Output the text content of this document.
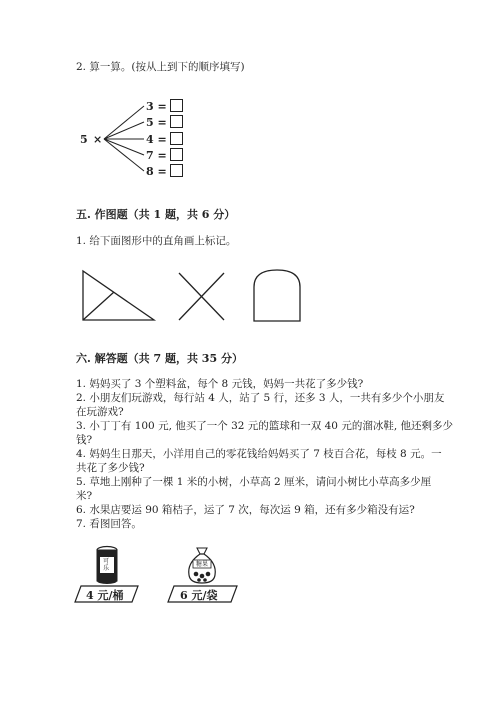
2. 算一算。(按从上到下的顺序填写)
5 ×
3 =
5 =
4 =
7 =
8 =
五. 作图题（共 1 题，共 6 分）
1. 给下面图形中的直角画上标记。
六. 解答题（共 7 题，共 35 分）
1. 妈妈买了 3 个塑料盆，每个 8 元钱，妈妈一共花了多少钱?
2. 小朋友们玩游戏，每行站 4 人，站了 5 行，还多 3 人，一共有多少个小朋友
在玩游戏?
3. 小丁丁有 100 元, 他买了一个 32 元的篮球和一双 40 元的溜冰鞋, 他还剩多少
钱?
4. 妈妈生日那天，小洋用自己的零花钱给妈妈买了 7 枝百合花，每枝 8 元。一
共花了多少钱?
5. 草地上刚种了一棵 1 米的小树，小草高 2 厘米，请问小树比小草高多少厘
米?
6. 水果店要运 90 箱桔子，运了 7 次，每次运 9 箱，还有多少箱没有运?
7. 看图回答。
可乐
4 元/桶
糖果
6 元/袋
